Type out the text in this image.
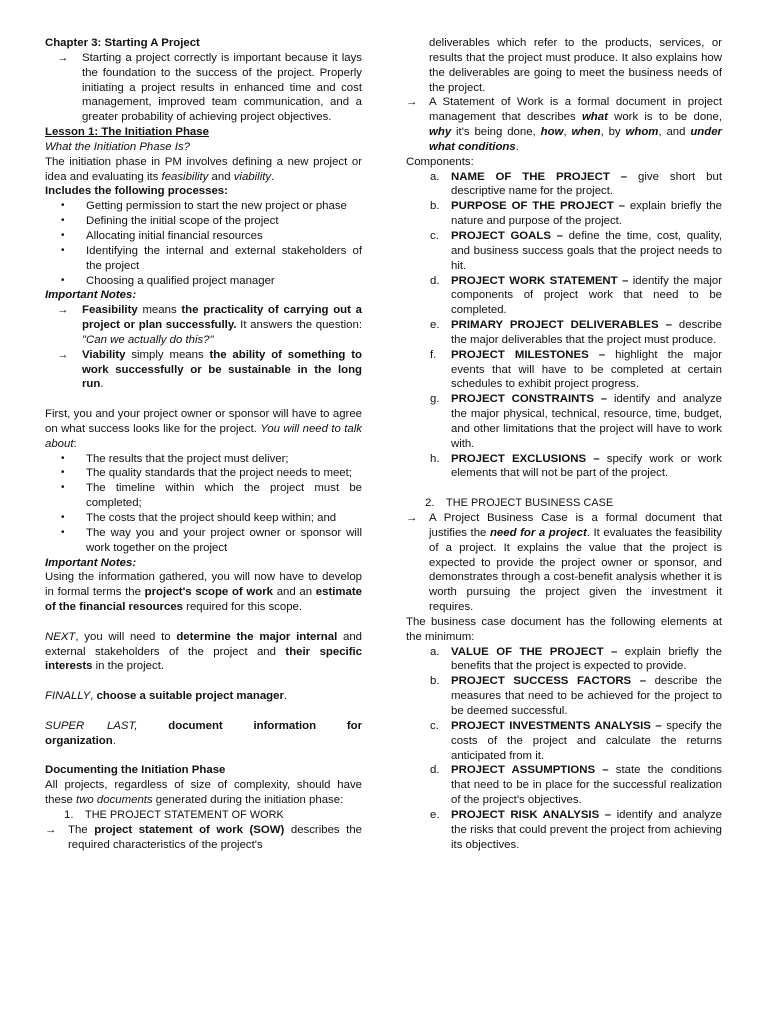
Chapter 3: Starting A Project

→ Starting a project correctly is important because it lays the foundation to the success of the project. Properly initiating a project results in enhanced time and cost management, improved team communication, and a greater probability of achieving project objectives.

Lesson 1: The Initiation Phase

What the Initiation Phase Is?

The initiation phase in PM involves defining a new project or idea and evaluating its feasibility and viability.

Includes the following processes:

• Getting permission to start the new project or phase
• Defining the initial scope of the project
• Allocating initial financial resources
• Identifying the internal and external stakeholders of the project
• Choosing a qualified project manager

Important Notes:

→ Feasibility means the practicality of carrying out a project or plan successfully. It answers the question: "Can we actually do this?"
→ Viability simply means the ability of something to work successfully or be sustainable in the long run.

First, you and your project owner or sponsor will have to agree on what success looks like for the project. You will need to talk about:

• The results that the project must deliver;
• The quality standards that the project needs to meet;
• The timeline within which the project must be completed;
• The costs that the project should keep within; and
• The way you and your project owner or sponsor will work together on the project

Important Notes:

Using the information gathered, you will now have to develop in formal terms the project's scope of work and an estimate of the financial resources required for this scope.

NEXT, you will need to determine the major internal and external stakeholders of the project and their specific interests in the project.

FINALLY, choose a suitable project manager.

SUPER LAST, document information for organization.

Documenting the Initiation Phase

All projects, regardless of size of complexity, should have these two documents generated during the initiation phase:

1. THE PROJECT STATEMENT OF WORK
→ The project statement of work (SOW) describes the required characteristics of the project's

deliverables which refer to the products, services, or results that the project must produce. It also explains how the deliverables are going to meet the business needs of the project.

→ A Statement of Work is a formal document in project management that describes what work is to be done, why it's being done, how, when, by whom, and under what conditions.

Components:

a. NAME OF THE PROJECT – give short but descriptive name for the project.
b. PURPOSE OF THE PROJECT – explain briefly the nature and purpose of the project.
c. PROJECT GOALS – define the time, cost, quality, and business success goals that the project needs to hit.
d. PROJECT WORK STATEMENT – identify the major components of project work that need to be completed.
e. PRIMARY PROJECT DELIVERABLES – describe the major deliverables that the project must produce.
f. PROJECT MILESTONES – highlight the major events that will have to be completed at certain schedules to exhibit project progress.
g. PROJECT CONSTRAINTS – identify and analyze the major physical, technical, resource, time, budget, and other limitations that the project will have to work with.
h. PROJECT EXCLUSIONS – specify work or work elements that will not be part of the project.
2. THE PROJECT BUSINESS CASE
→ A Project Business Case is a formal document that justifies the need for a project. It evaluates the feasibility of a project. It explains the value that the project is expected to provide the project owner or sponsor, and demonstrates through a cost-benefit analysis whether it is worth pursuing the project given the investment it requires.

The business case document has the following elements at the minimum:

a. VALUE OF THE PROJECT – explain briefly the benefits that the project is expected to provide.
b. PROJECT SUCCESS FACTORS – describe the measures that need to be achieved for the project to be deemed successful.
c. PROJECT INVESTMENTS ANALYSIS – specify the costs of the project and calculate the returns anticipated from it.
d. PROJECT ASSUMPTIONS – state the conditions that need to be in place for the successful realization of the project's objectives.
e. PROJECT RISK ANALYSIS – identify and analyze the risks that could prevent the project from achieving its objectives.
